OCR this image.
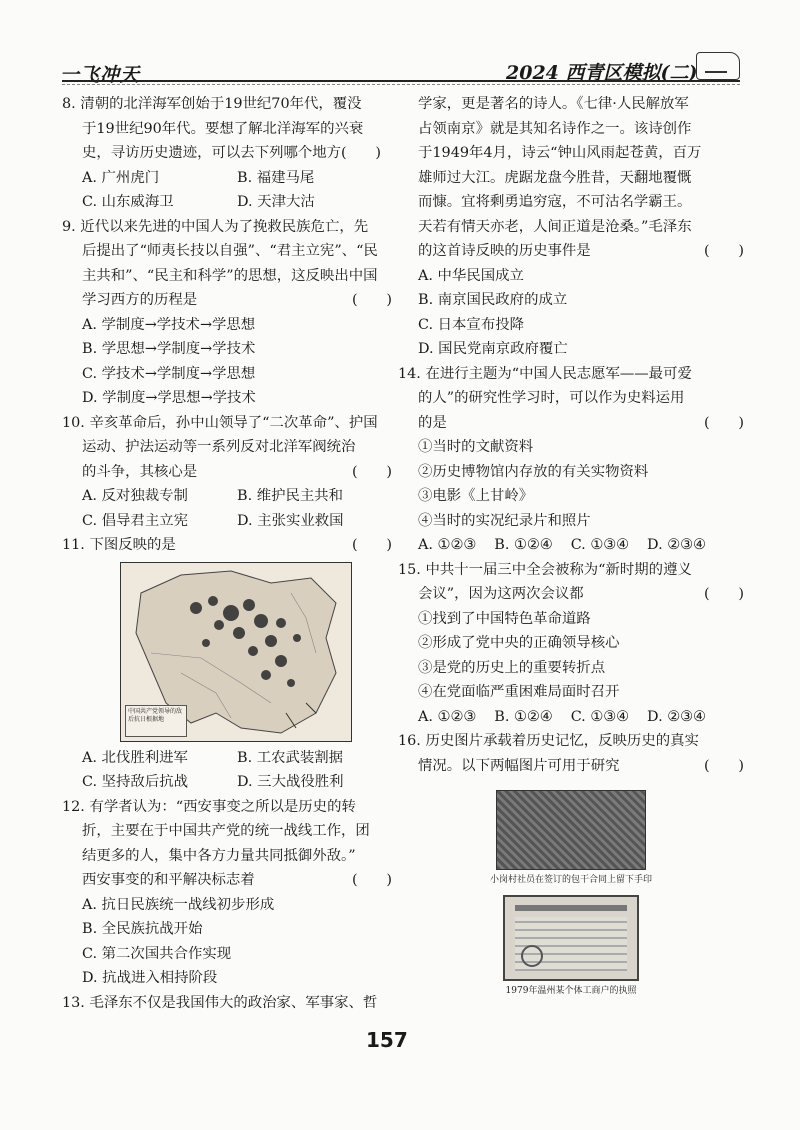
一飞冲天	2024 西青区模拟(二)

8. 清朝的北洋海军创始于19世纪70年代，覆没

于19世纪90年代。要想了解北洋海军的兴衰

史，寻访历史遗迹，可以去下列哪个地方(　　)

A. 广州虎门	B. 福建马尾
C. 山东威海卫	D. 天津大沽

9. 近代以来先进的中国人为了挽救民族危亡，先

后提出了“师夷长技以自强”、“君主立宪”、“民

主共和”、“民主和科学”的思想，这反映出中国

学习西方的历程是	(　　)

A. 学制度→学技术→学思想

B. 学思想→学制度→学技术

C. 学技术→学制度→学思想

D. 学制度→学思想→学技术

10. 辛亥革命后，孙中山领导了“二次革命”、护国

运动、护法运动等一系列反对北洋军阀统治

的斗争，其核心是	(　　)

A. 反对独裁专制	B. 维护民主共和
C. 倡导君主立宪	D. 主张实业救国

11. 下图反映的是	(　　)

中国共产党领导的敌后抗日根据地
A. 北伐胜利进军	B. 工农武装割据
C. 坚持敌后抗战	D. 三大战役胜利

12. 有学者认为：“西安事变之所以是历史的转

折，主要在于中国共产党的统一战线工作，团

结更多的人，集中各方力量共同抵御外敌。”

西安事变的和平解决标志着	(　　)

A. 抗日民族统一战线初步形成

B. 全民族抗战开始

C. 第二次国共合作实现

D. 抗战进入相持阶段

13. 毛泽东不仅是我国伟大的政治家、军事家、哲

学家，更是著名的诗人。《七律·人民解放军

占领南京》就是其知名诗作之一。该诗创作

于1949年4月，诗云“钟山风雨起苍黄，百万

雄师过大江。虎踞龙盘今胜昔，天翻地覆慨

而慷。宜将剩勇追穷寇，不可沽名学霸王。

天若有情天亦老，人间正道是沧桑。”毛泽东

的这首诗反映的历史事件是	(　　)

A. 中华民国成立

B. 南京国民政府的成立

C. 日本宣布投降

D. 国民党南京政府覆亡

14. 在进行主题为“中国人民志愿军——最可爱

的人”的研究性学习时，可以作为史料运用

的是	(　　)

①当时的文献资料

②历史博物馆内存放的有关实物资料

③电影《上甘岭》

④当时的实况纪录片和照片

A. ①②③ B. ①②④ C. ①③④ D. ②③④

15. 中共十一届三中全会被称为“新时期的遵义

会议”，因为这两次会议都	(　　)

①找到了中国特色革命道路

②形成了党中央的正确领导核心

③是党的历史上的重要转折点

④在党面临严重困难局面时召开

A. ①②③ B. ①②④ C. ①③④ D. ②③④

16. 历史图片承载着历史记忆，反映历史的真实

情况。以下两幅图片可用于研究	(　　)

小岗村社员在签订的包干合同上留下手印
1979年温州某个体工商户的执照
157
